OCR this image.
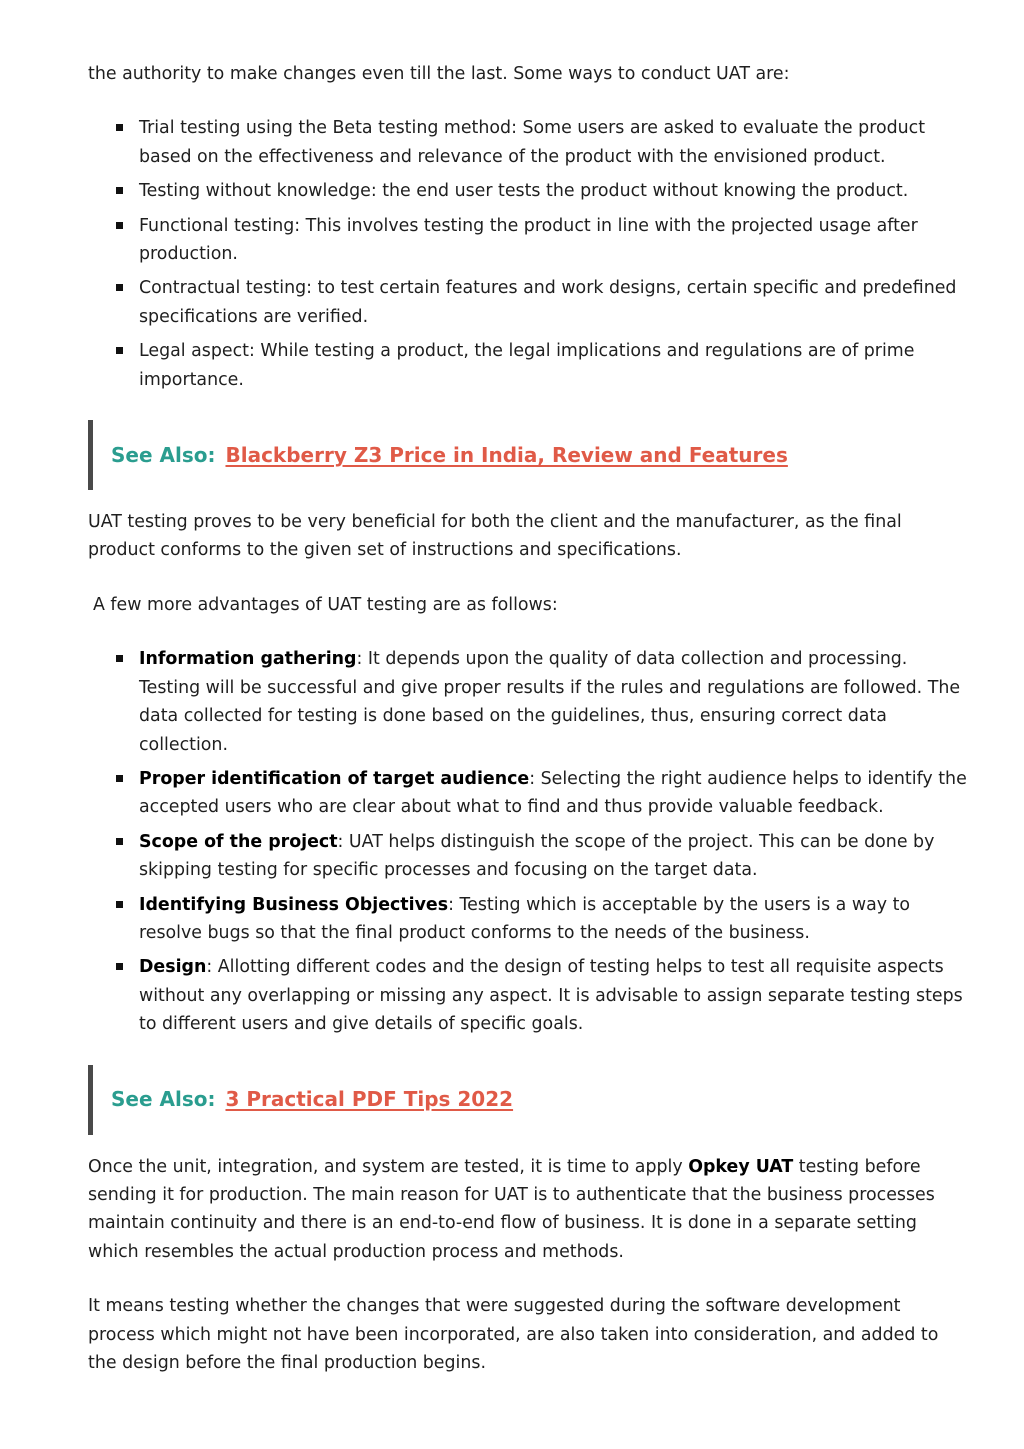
the authority to make changes even till the last. Some ways to conduct UAT are:

Trial testing using the Beta testing method: Some users are asked to evaluate the product based on the effectiveness and relevance of the product with the envisioned product.
Testing without knowledge: the end user tests the product without knowing the product.
Functional testing: This involves testing the product in line with the projected usage after production.
Contractual testing: to test certain features and work designs, certain specific and predefined specifications are verified.
Legal aspect: While testing a product, the legal implications and regulations are of prime importance.
See Also: Blackberry Z3 Price in India, Review and Features

UAT testing proves to be very beneficial for both the client and the manufacturer, as the final product conforms to the given set of instructions and specifications.

A few more advantages of UAT testing are as follows:

Information gathering: It depends upon the quality of data collection and processing. Testing will be successful and give proper results if the rules and regulations are followed. The data collected for testing is done based on the guidelines, thus, ensuring correct data collection.
Proper identification of target audience: Selecting the right audience helps to identify the accepted users who are clear about what to find and thus provide valuable feedback.
Scope of the project: UAT helps distinguish the scope of the project. This can be done by skipping testing for specific processes and focusing on the target data.
Identifying Business Objectives: Testing which is acceptable by the users is a way to resolve bugs so that the final product conforms to the needs of the business.
Design: Allotting different codes and the design of testing helps to test all requisite aspects without any overlapping or missing any aspect. It is advisable to assign separate testing steps to different users and give details of specific goals.
See Also: 3 Practical PDF Tips 2022

Once the unit, integration, and system are tested, it is time to apply Opkey UAT testing before sending it for production. The main reason for UAT is to authenticate that the business processes maintain continuity and there is an end-to-end flow of business. It is done in a separate setting which resembles the actual production process and methods.

It means testing whether the changes that were suggested during the software development process which might not have been incorporated, are also taken into consideration, and added to the design before the final production begins.
